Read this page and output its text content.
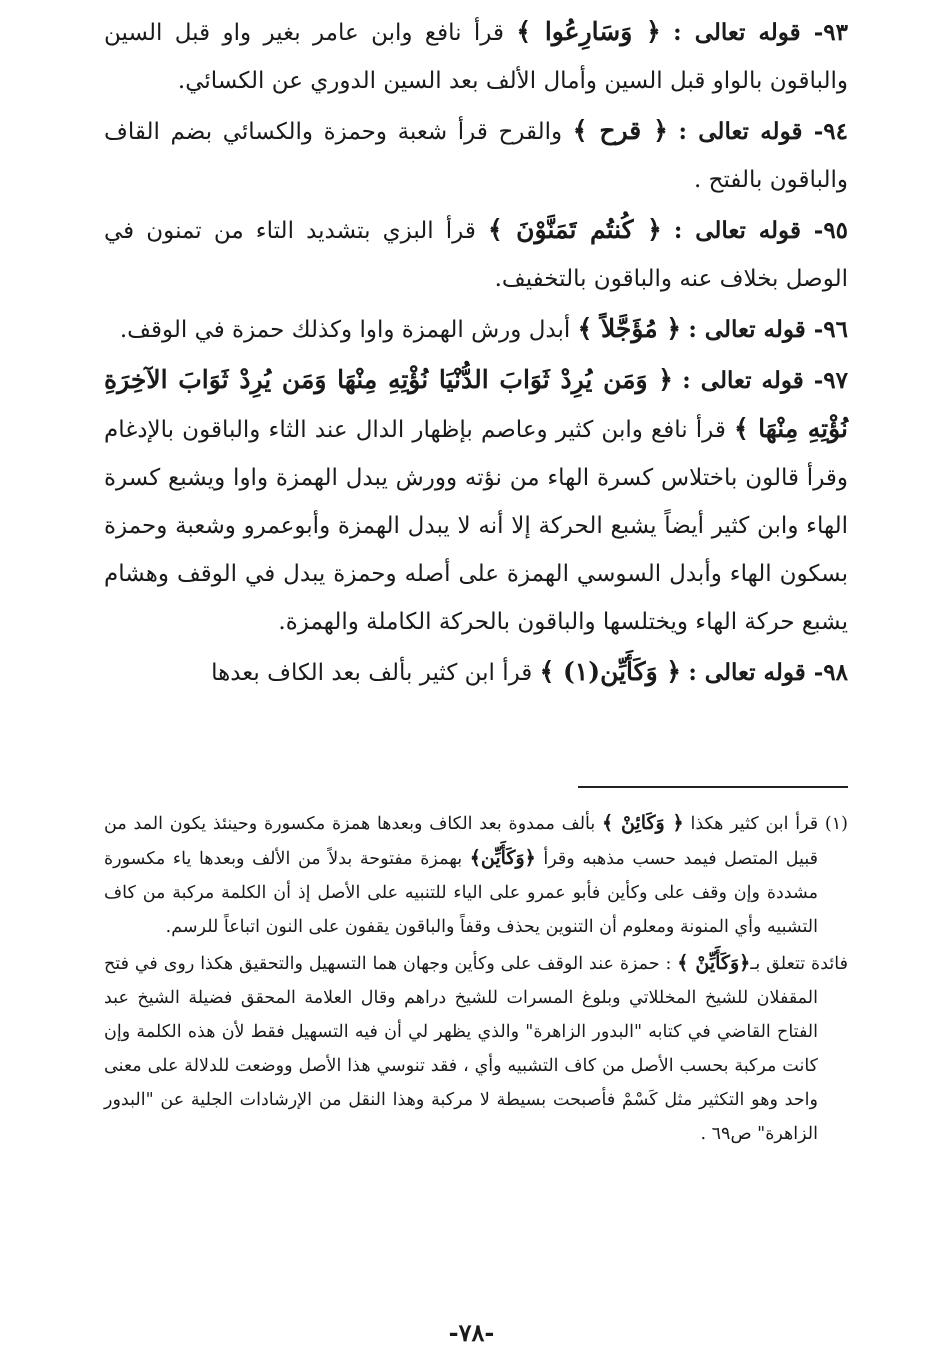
٩٣- قوله تعالى : ﴿ وَسَارِعُوا ﴾ قرأ نافع وابن عامر بغير واو قبل السين والباقون بالواو قبل السين وأمال الألف بعد السين الدوري عن الكسائي.

٩٤- قوله تعالى : ﴿ قرح ﴾ والقرح قرأ شعبة وحمزة والكسائي بضم القاف والباقون بالفتح .

٩٥- قوله تعالى : ﴿ كُنتُم تَمَنَّوْنَ ﴾ قرأ البزي بتشديد التاء من تمنون في الوصل بخلاف عنه والباقون بالتخفيف.

٩٦- قوله تعالى : ﴿ مُؤَجَّلاً ﴾ أبدل ورش الهمزة واوا وكذلك حمزة في الوقف.

٩٧- قوله تعالى : ﴿ وَمَن يُرِدْ ثَوَابَ الدُّنْيَا نُؤْتِهِ مِنْهَا وَمَن يُرِدْ ثَوَابَ الآخِرَةِ نُؤْتِهِ مِنْهَا ﴾ قرأ نافع وابن كثير وعاصم بإظهار الدال عند الثاء والباقون بالإدغام وقرأ قالون باختلاس كسرة الهاء من نؤته وورش يبدل الهمزة واوا ويشبع كسرة الهاء وابن كثير أيضاً يشبع الحركة إلا أنه لا يبدل الهمزة وأبوعمرو وشعبة وحمزة بسكون الهاء وأبدل السوسي الهمزة على أصله وحمزة يبدل في الوقف وهشام يشبع حركة الهاء ويختلسها والباقون بالحركة الكاملة والهمزة.

٩٨- قوله تعالى : ﴿ وَكَأَيِّن(١) ﴾ قرأ ابن كثير بألف بعد الكاف بعدها

(١) قرأ ابن كثير هكذا ﴿ وَكَائِنْ ﴾ بألف ممدوة بعد الكاف وبعدها همزة مكسورة وحينئذ يكون المد من قبيل المتصل فيمد حسب مذهبه وقرأ ﴿وَكَأَيِّن﴾ بهمزة مفتوحة بدلاً من الألف وبعدها ياء مكسورة مشددة وإن وقف على وكأين فأبو عمرو على الياء للتنبيه على الأصل إذ أن الكلمة مركبة من كاف التشبيه وأي المنونة ومعلوم أن التنوين يحذف وقفاً والباقون يقفون على النون اتباعاً للرسم.

فائدة تتعلق بـ﴿وَكَأَيِّنْ ﴾ : حمزة عند الوقف على وكأين وجهان هما التسهيل والتحقيق هكذا روى في فتح المقفلان للشيخ المخللاتي وبلوغ المسرات للشيخ دراهم وقال العلامة المحقق فضيلة الشيخ عبد الفتاح القاضي في كتابه "البدور الزاهرة" والذي يظهر لي أن فيه التسهيل فقط لأن هذه الكلمة وإن كانت مركبة بحسب الأصل من كاف التشبيه وأي ، فقد تنوسي هذا الأصل ووضعت للدلالة على معنى واحد وهو التكثير مثل كَسْمْ فأصبحت بسيطة لا مركبة وهذا النقل من الإرشادات الجلية عن "البدور الزاهرة" ص٦٩ .

-٧٨-
